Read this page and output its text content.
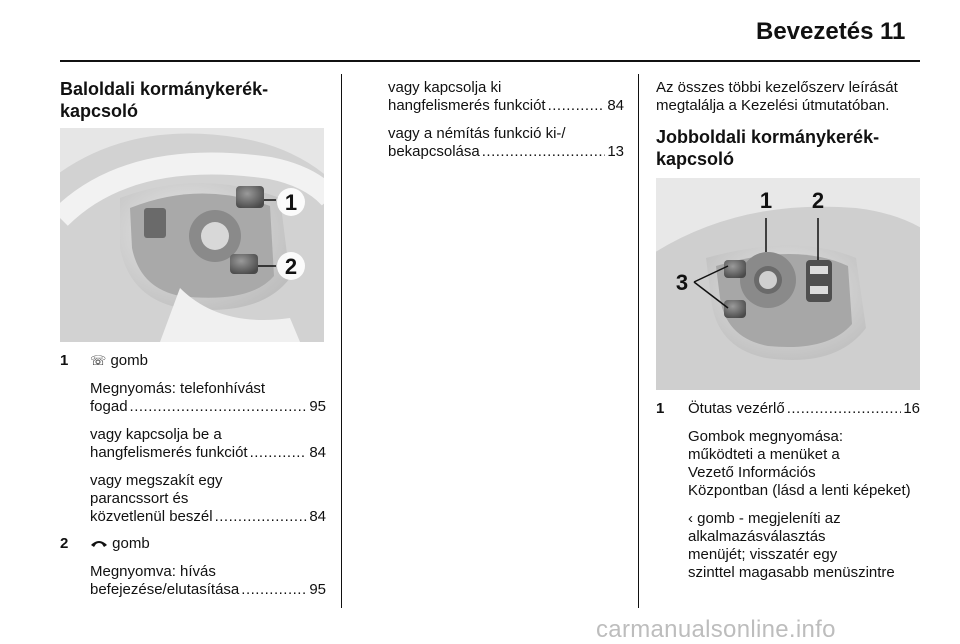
Bevezetés 11

Baloldali kormánykerék-

kapcsoló

1
2
1 ☏ gomb

Megnyomás: telefonhívást

fogad .....	95

vagy kapcsolja be a

hangfelismerés funkciót .....	84

vagy megszakít egy

parancssort és

közvetlenül beszél .....	84
2	gomb

Megnyomva: hívás

befejezése/elutasítása .....	95

vagy kapcsolja ki

hangfelismerés funkciót .....	84

vagy a némítás funkció ki-/

bekapcsolása .....	13

Az összes többi kezelőszerv leírását

megtalálja a Kezelési útmutatóban.

Jobboldali kormánykerék-

kapcsoló

1 2
3
1 Ötutas vezérlő .....	16

Gombok megnyomása:

működteti a menüket a

Vezető Információs

Központban (lásd a lenti képeket)

‹ gomb - megjeleníti az

alkalmazásválasztás

menüjét; visszatér egy

szinttel magasabb menüszintre

carmanualsonline.info
